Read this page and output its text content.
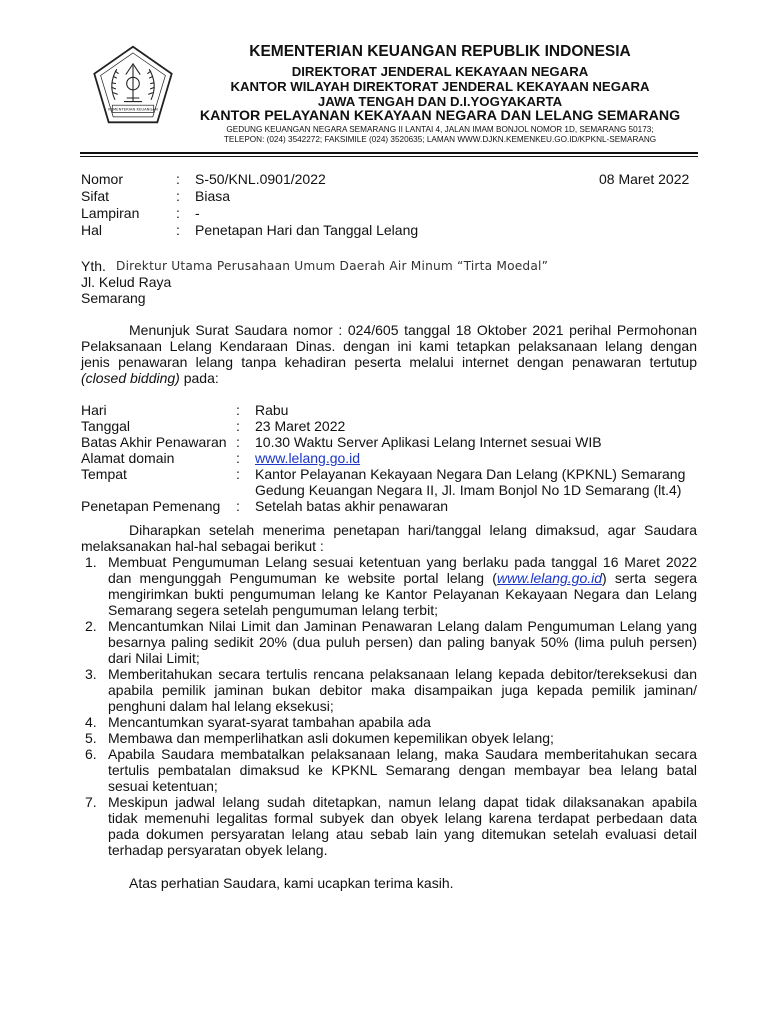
KEMENTERIAN KEUANGAN
KEMENTERIAN KEUANGAN REPUBLIK INDONESIA
DIREKTORAT JENDERAL KEKAYAAN NEGARA
KANTOR WILAYAH DIREKTORAT JENDERAL KEKAYAAN NEGARA
JAWA TENGAH DAN D.I.YOGYAKARTA
KANTOR PELAYANAN KEKAYAAN NEGARA DAN LELANG SEMARANG
GEDUNG KEUANGAN NEGARA SEMARANG II LANTAI 4, JALAN IMAM BONJOL NOMOR 1D, SEMARANG 50173;
TELEPON: (024) 3542272; FAKSIMILE (024) 3520635; LAMAN WWW.DJKN.KEMENKEU.GO.ID/KPKNL-SEMARANG
Nomor	: S-50/KNL.0901/2022	08 Maret 2022
Sifat	: Biasa
Lampiran	: -
Hal	: Penetapan Hari dan Tanggal Lelang
Yth. Direktur Utama Perusahaan Umum Daerah Air Minum “Tirta Moedal”
Jl. Kelud Raya
Semarang
Menunjuk Surat Saudara nomor : 024/605 tanggal 18 Oktober 2021 perihal Permohonan
Pelaksanaan Lelang Kendaraan Dinas. dengan ini kami tetapkan pelaksanaan lelang dengan
jenis penawaran lelang tanpa kehadiran peserta melalui internet dengan penawaran tertutup
(closed bidding) pada:
Hari	: Rabu
Tanggal	: 23 Maret 2022
Batas Akhir Penawaran : 10.30 Waktu Server Aplikasi Lelang Internet sesuai WIB
Alamat domain	: www.lelang.go.id
Tempat	: Kantor Pelayanan Kekayaan Negara Dan Lelang (KPKNL) Semarang
Gedung Keuangan Negara II, Jl. Imam Bonjol No 1D Semarang (lt.4)
Penetapan Pemenang : Setelah batas akhir penawaran
Diharapkan setelah menerima penetapan hari/tanggal lelang dimaksud, agar Saudara
melaksanakan hal-hal sebagai berikut :
1. Membuat Pengumuman Lelang sesuai ketentuan yang berlaku pada tanggal 16 Maret 2022
dan mengunggah Pengumuman ke website portal lelang (www.lelang.go.id) serta segera
mengirimkan bukti pengumuman lelang ke Kantor Pelayanan Kekayaan Negara dan Lelang
Semarang segera setelah pengumuman lelang terbit;
2. Mencantumkan Nilai Limit dan Jaminan Penawaran Lelang dalam Pengumuman Lelang yang
besarnya paling sedikit 20% (dua puluh persen) dan paling banyak 50% (lima puluh persen)
dari Nilai Limit;
3. Memberitahukan secara tertulis rencana pelaksanaan lelang kepada debitor/tereksekusi dan
apabila pemilik jaminan bukan debitor maka disampaikan juga kepada pemilik jaminan/
penghuni dalam hal lelang eksekusi;
4. Mencantumkan syarat-syarat tambahan apabila ada
5. Membawa dan memperlihatkan asli dokumen kepemilikan obyek lelang;
6. Apabila Saudara membatalkan pelaksanaan lelang, maka Saudara memberitahukan secara
tertulis pembatalan dimaksud ke KPKNL Semarang dengan membayar bea lelang batal
sesuai ketentuan;
7. Meskipun jadwal lelang sudah ditetapkan, namun lelang dapat tidak dilaksanakan apabila
tidak memenuhi legalitas formal subyek dan obyek lelang karena terdapat perbedaan data
pada dokumen persyaratan lelang atau sebab lain yang ditemukan setelah evaluasi detail
terhadap persyaratan obyek lelang.
Atas perhatian Saudara, kami ucapkan terima kasih.
